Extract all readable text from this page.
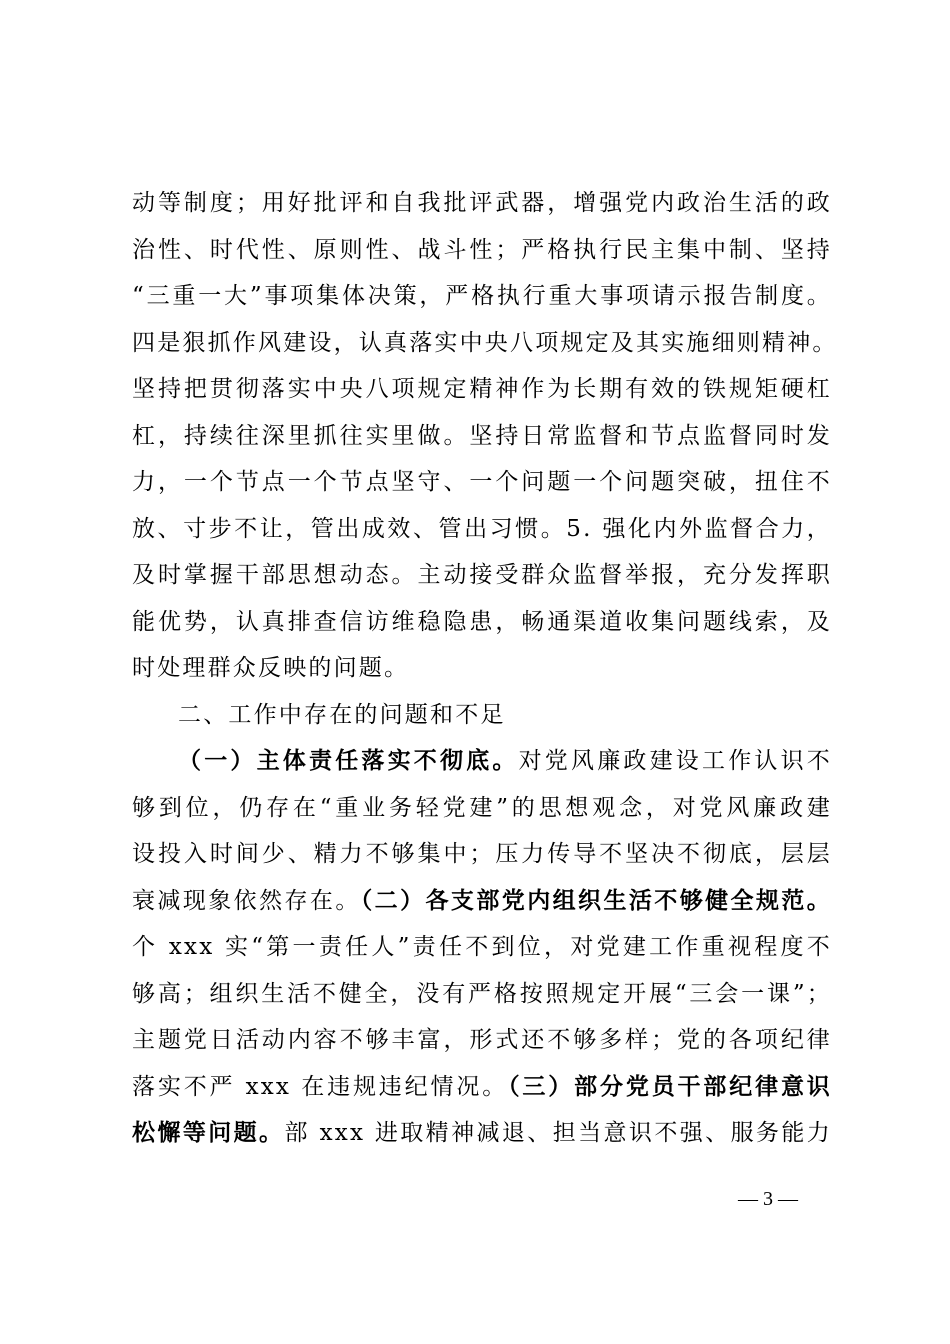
动等制度；用好批评和自我批评武器，增强党内政治生活的政
治性、时代性、原则性、战斗性；严格执行民主集中制、坚持
“三重一大”事项集体决策，严格执行重大事项请示报告制度。
四是狠抓作风建设，认真落实中央八项规定及其实施细则精神。
坚持把贯彻落实中央八项规定精神作为长期有效的铁规矩硬杠
杠，持续往深里抓往实里做。坚持日常监督和节点监督同时发
力，一个节点一个节点坚守、一个问题一个问题突破，扭住不
放、寸步不让，管出成效、管出习惯。5. 强化内外监督合力，
及时掌握干部思想动态。主动接受群众监督举报，充分发挥职
能优势，认真排查信访维稳隐患，畅通渠道收集问题线索，及
时处理群众反映的问题。
二、工作中存在的问题和不足
（一）主体责任落实不彻底。对党风廉政建设工作认识不
够到位，仍存在“重业务轻党建”的思想观念，对党风廉政建
设投入时间少、精力不够集中；压力传导不坚决不彻底，层层
衰减现象依然存在。（二）各支部党内组织生活不够健全规范。
个 xxx 实“第一责任人”责任不到位，对党建工作重视程度不
够高；组织生活不健全，没有严格按照规定开展“三会一课”；
主题党日活动内容不够丰富，形式还不够多样；党的各项纪律
落实不严 xxx 在违规违纪情况。（三）部分党员干部纪律意识
松懈等问题。部 xxx 进取精神减退、担当意识不强、服务能力
— 3 —
